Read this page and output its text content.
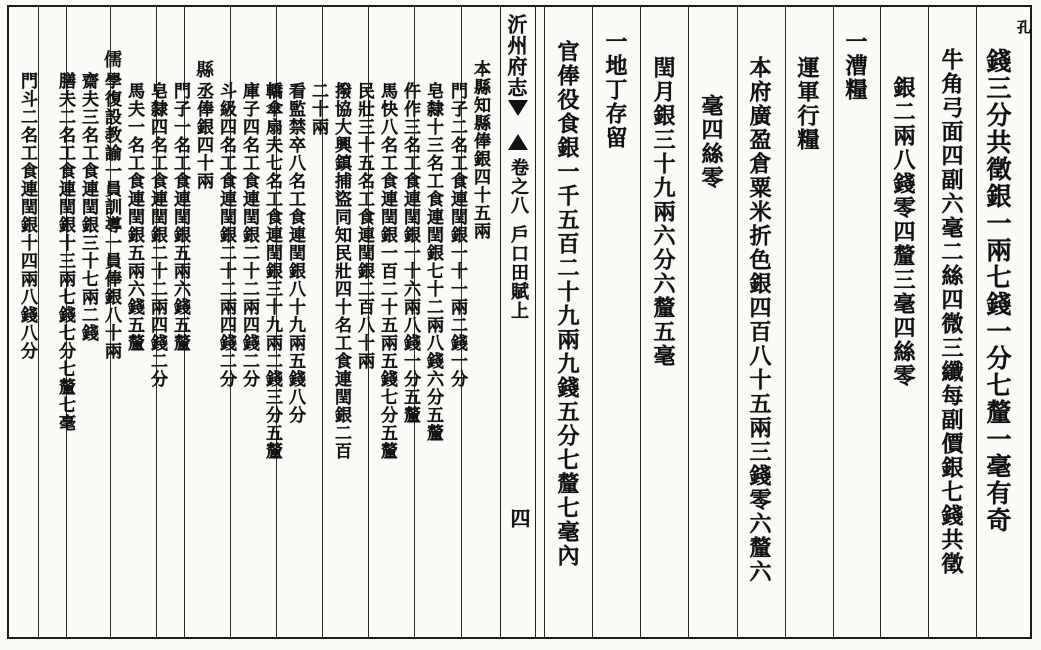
孔
沂州府志
卷之八
戶口田賦上
四	錢三分共徵銀一兩七錢一分七釐一毫有奇
牛角弓面四副六毫二絲四微三纖每副價銀七錢共徵
銀二兩八錢零四釐三毫四絲零
一漕糧
運軍行糧
本府廣盈倉粟米折色銀四百八十五兩三錢零六釐六
毫四絲零
閏月銀三十九兩六分六釐五毫
一地丁存留
官俸役食銀一千五百二十九兩九錢五分七釐七毫內
本縣知縣俸銀四十五兩
門子二名工食連閏銀一十一兩二錢一分
皂隸十三名工食連閏銀七十二兩八錢六分五釐
仵作三名工食連閏銀一十六兩八錢一分五釐
馬快八名工食連閏銀一百二十五兩五錢七分五釐
民壯三十五名工食連閏銀二百八十兩
撥協大興鎮捕盜同知民壯四十名工食連閏銀二百
二十兩
看監禁卒八名工食連閏銀八十九兩五錢八分
轎傘扇夫七名工食連閏銀三十九兩二錢三分五釐
庫子四名工食連閏銀二十二兩四錢二分
斗級四名工食連閏銀二十二兩四錢二分
縣
丞俸銀四十兩
門子一名工食連閏銀五兩六錢五釐
皂隸四名工食連閏銀二十二兩四錢二分
馬夫一名工食連閏銀五兩六錢五釐
儒
學復設教諭一員訓導一員俸銀八十兩
齋夫三名工食連閏銀三十七兩二錢
膳夫二名工食連閏銀十三兩七錢七分七釐七毫
門斗二名工食連閏銀十四兩八錢八分
